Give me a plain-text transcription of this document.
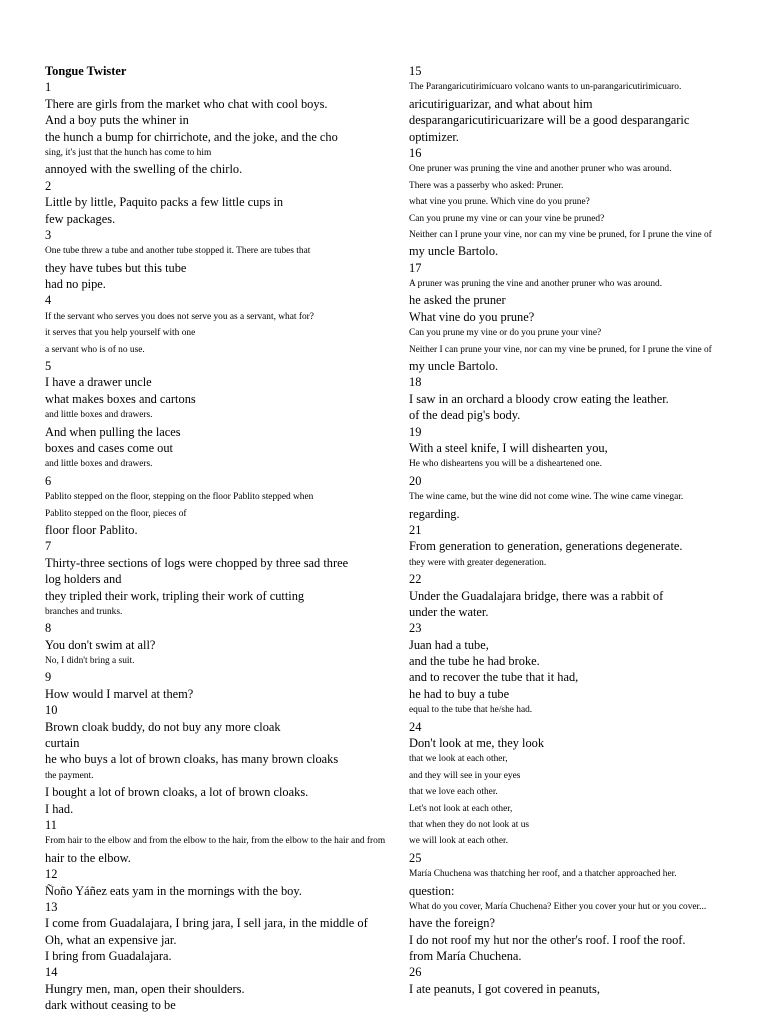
Tongue Twister
1
There are girls from the market who chat with cool boys.
And a boy puts the whiner in
the hunch a bump for chirrichote, and the joke, and the cho
sing, it's just that the hunch has come to him
annoyed with the swelling of the chirlo.
2
Little by little, Paquito packs a few little cups in
few packages.
3
One tube threw a tube and another tube stopped it. There are tubes that
they have tubes but this tube
had no pipe.
4
If the servant who serves you does not serve you as a servant, what for?
it serves that you help yourself with one
a servant who is of no use.
5
I have a drawer uncle
what makes boxes and cartons
and little boxes and drawers.
And when pulling the laces
boxes and cases come out
and little boxes and drawers.
6
Pablito stepped on the floor, stepping on the floor Pablito stepped when
Pablito stepped on the floor, pieces of
floor floor Pablito.
7
Thirty-three sections of logs were chopped by three sad three
log holders and
they tripled their work, tripling their work of cutting
branches and trunks.
8
You don't swim at all?
No, I didn't bring a suit.
9
How would I marvel at them?
10
Brown cloak buddy, do not buy any more cloak
curtain
he who buys a lot of brown cloaks, has many brown cloaks
the payment.
I bought a lot of brown cloaks, a lot of brown cloaks.
I had.
11
From hair to the elbow and from the elbow to the hair, from the elbow to the hair and from
hair to the elbow.
12
Ñoño Yáñez eats yam in the mornings with the boy.
13
I come from Guadalajara, I bring jara, I sell jara, in the middle of
Oh, what an expensive jar.
I bring from Guadalajara.
14
Hungry men, man, open their shoulders.
dark without ceasing to be
15
The Parangaricutirimícuaro volcano wants to un-parangaricutirimicuaro.
aricutiriguarizar, and what about him
desparangaricutiricuarizare will be a good desparangaric
optimizer.
16
One pruner was pruning the vine and another pruner who was around.
There was a passerby who asked: Pruner.
what vine you prune. Which vine do you prune?
Can you prune my vine or can your vine be pruned?
Neither can I prune your vine, nor can my vine be pruned, for I prune the vine of
my uncle Bartolo.
17
A pruner was pruning the vine and another pruner who was around.
he asked the pruner
What vine do you prune?
Can you prune my vine or do you prune your vine?
Neither I can prune your vine, nor can my vine be pruned, for I prune the vine of
my uncle Bartolo.
18
I saw in an orchard a bloody crow eating the leather.
of the dead pig's body.
19
With a steel knife, I will dishearten you,
He who disheartens you will be a disheartened one.
20
The wine came, but the wine did not come wine. The wine came vinegar.
regarding.
21
From generation to generation, generations degenerate.
they were with greater degeneration.
22
Under the Guadalajara bridge, there was a rabbit of
under the water.
23
Juan had a tube,
and the tube he had broke.
and to recover the tube that it had,
he had to buy a tube
equal to the tube that he/she had.
24
Don't look at me, they look
that we look at each other,
and they will see in your eyes
that we love each other.
Let's not look at each other,
that when they do not look at us
we will look at each other.
25
María Chuchena was thatching her roof, and a thatcher approached her.
question:
What do you cover, María Chuchena? Either you cover your hut or you cover...
have the foreign?
I do not roof my hut nor the other's roof. I roof the roof.
from María Chuchena.
26
I ate peanuts, I got covered in peanuts,
